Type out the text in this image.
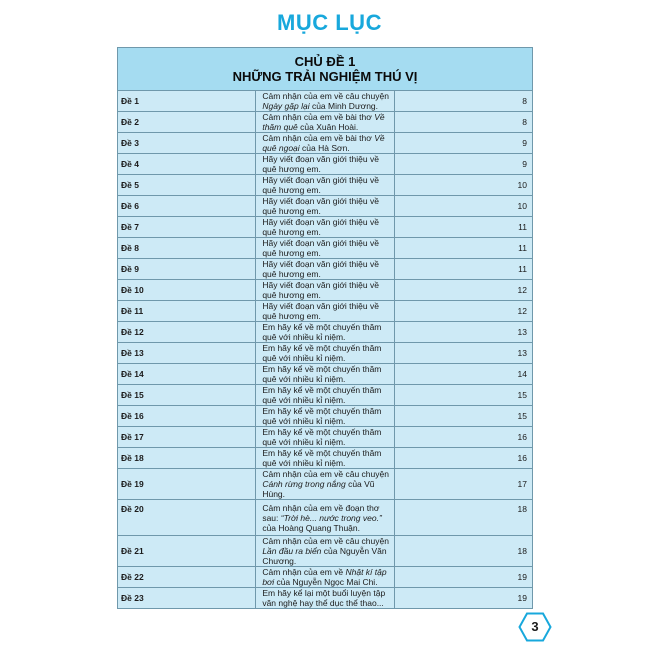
MỤC LỤC
CHỦ ĐỀ 1
NHỮNG TRẢI NGHIỆM THÚ VỊ		

Đề 1	Cảm nhận của em về câu chuyện Ngày gặp lại của Minh Dương.	8
Đề 2	Cảm nhận của em về bài thơ Về thăm quê của Xuân Hoài.	8
Đề 3	Cảm nhận của em về bài thơ Về quê ngoại của Hà Sơn.	9
Đề 4	Hãy viết đoạn văn giới thiệu về quê hương em.	9
Đề 5	Hãy viết đoạn văn giới thiệu về quê hương em.	10
Đề 6	Hãy viết đoạn văn giới thiệu về quê hương em.	10
Đề 7	Hãy viết đoạn văn giới thiệu về quê hương em.	11
Đề 8	Hãy viết đoạn văn giới thiệu về quê hương em.	11
Đề 9	Hãy viết đoạn văn giới thiệu về quê hương em.	11
Đề 10	Hãy viết đoạn văn giới thiệu về quê hương em.	12
Đề 11	Hãy viết đoạn văn giới thiệu về quê hương em.	12
Đề 12	Em hãy kể về một chuyến thăm quê với nhiều kỉ niệm.	13
Đề 13	Em hãy kể về một chuyến thăm quê với nhiều kỉ niệm.	13
Đề 14	Em hãy kể về một chuyến thăm quê với nhiều kỉ niệm.	14
Đề 15	Em hãy kể về một chuyến thăm quê với nhiều kỉ niệm.	15
Đề 16	Em hãy kể về một chuyến thăm quê với nhiều kỉ niệm.	15
Đề 17	Em hãy kể về một chuyến thăm quê với nhiều kỉ niệm.	16
Đề 18	Em hãy kể về một chuyến thăm quê với nhiều kỉ niệm.	16
Đề 19	Cảm nhận của em về câu chuyện Cánh rừng trong nắng của Vũ Hùng.	17
Đề 20	Cảm nhận của em về đoạn thơ sau: “Trời hè... nước trong veo.” của Hoàng Quang Thuận.	18
Đề 21	Cảm nhận của em về câu chuyện Lần đầu ra biển của Nguyễn Văn Chương.	18
Đề 22	Cảm nhận của em về Nhật kí tập bơi của Nguyễn Ngọc Mai Chi.	19
Đề 23	Em hãy kể lại một buổi luyện tập văn nghệ hay thể dục thể thao...	19
3
